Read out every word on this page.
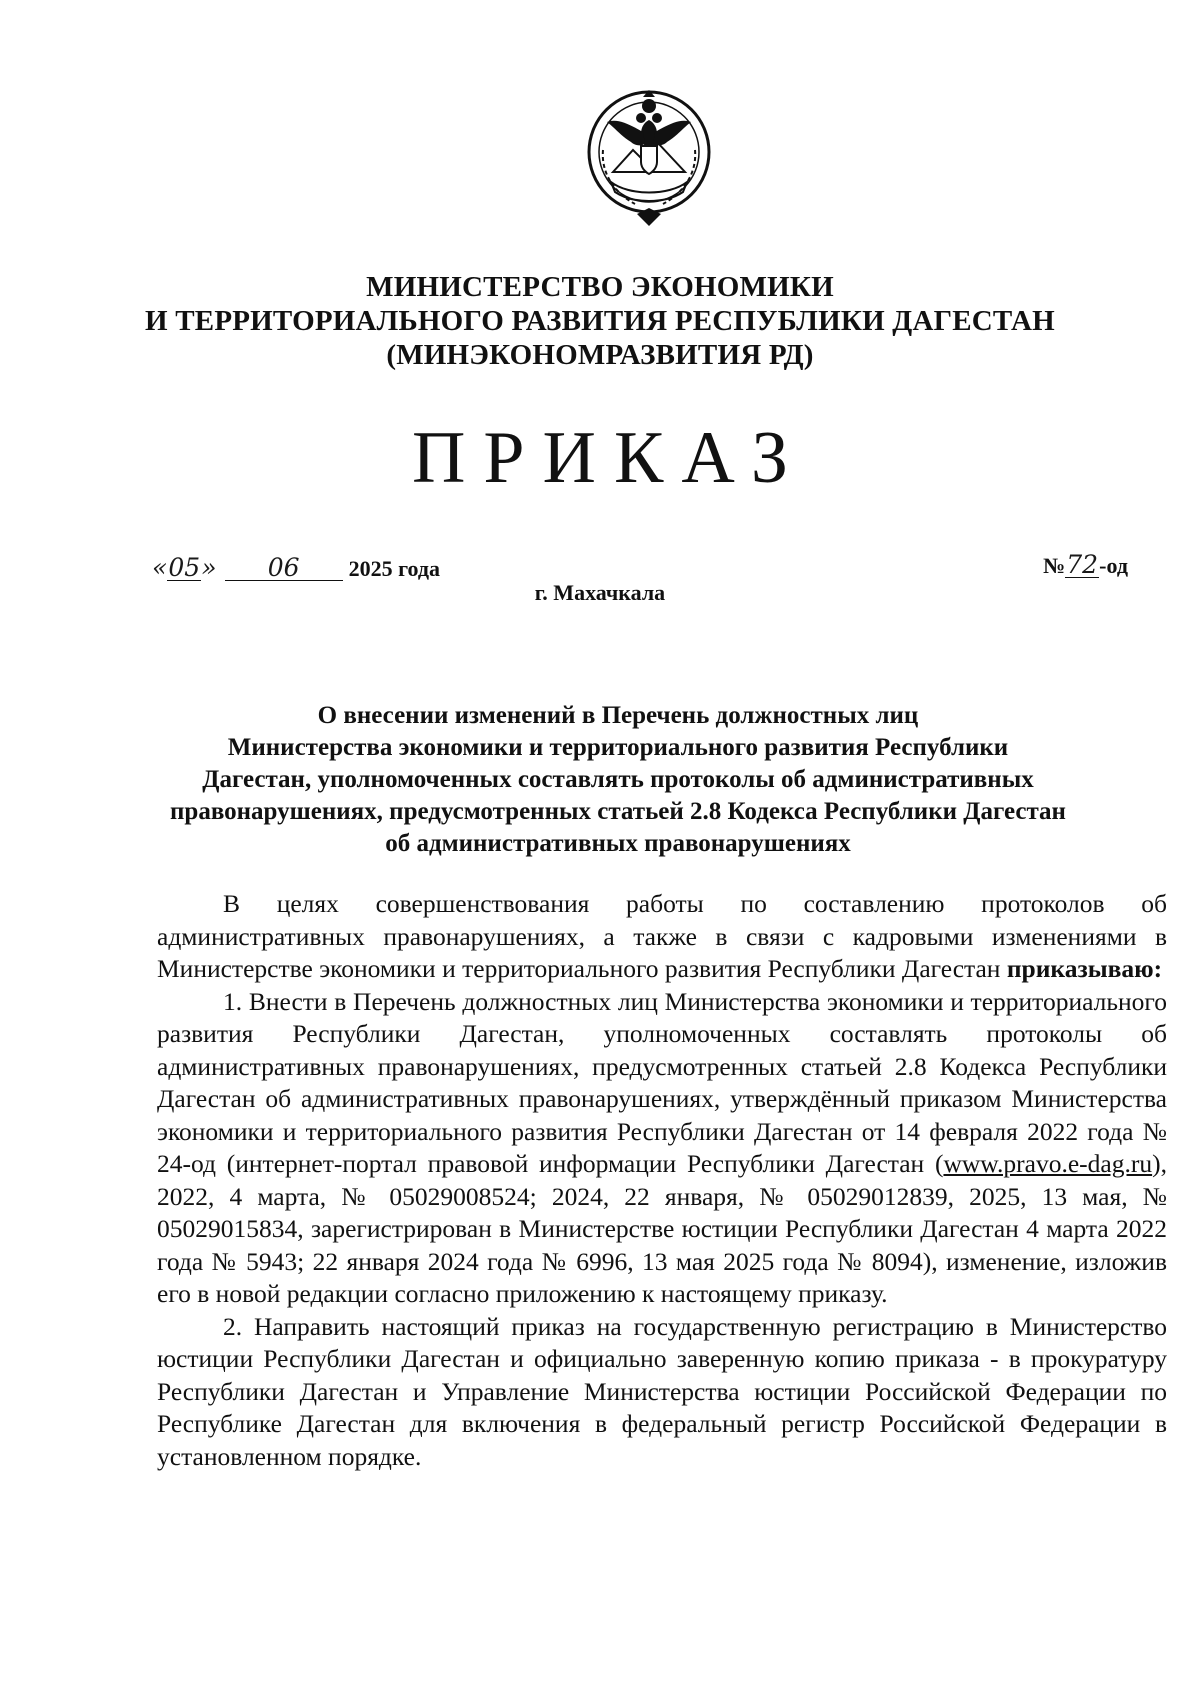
МИНИСТЕРСТВО ЭКОНОМИКИ
И ТЕРРИТОРИАЛЬНОГО РАЗВИТИЯ РЕСПУБЛИКИ ДАГЕСТАН
(МИНЭКОНОМРАЗВИТИЯ РД)
ПРИКАЗ
«05» 06 2025 года	№72-од
г. Махачкала
О внесении изменений в Перечень должностных лиц
Министерства экономики и территориального развития Республики
Дагестан, уполномоченных составлять протоколы об административных
правонарушениях, предусмотренных статьей 2.8 Кодекса Республики Дагестан
об административных правонарушениях

В целях совершенствования работы по составлению протоколов об административных правонарушениях, а также в связи с кадровыми изменениями в Министерстве экономики и территориального развития Республики Дагестан приказываю:

1. Внести в Перечень должностных лиц Министерства экономики и территориального развития Республики Дагестан, уполномоченных составлять протоколы об административных правонарушениях, предусмотренных статьей 2.8 Кодекса Республики Дагестан об административных правонарушениях, утверждённый приказом Министерства экономики и территориального развития Республики Дагестан от 14 февраля 2022 года № 24-од (интернет-портал правовой информации Республики Дагестан (www.pravo.e-dag.ru), 2022, 4 марта, № 05029008524; 2024, 22 января, № 05029012839, 2025, 13 мая, № 05029015834, зарегистрирован в Министерстве юстиции Республики Дагестан 4 марта 2022 года № 5943; 22 января 2024 года № 6996, 13 мая 2025 года № 8094), изменение, изложив его в новой редакции согласно приложению к настоящему приказу.

2. Направить настоящий приказ на государственную регистрацию в Министерство юстиции Республики Дагестан и официально заверенную копию приказа - в прокуратуру Республики Дагестан и Управление Министерства юстиции Российской Федерации по Республике Дагестан для включения в федеральный регистр Российской Федерации в установленном порядке.
